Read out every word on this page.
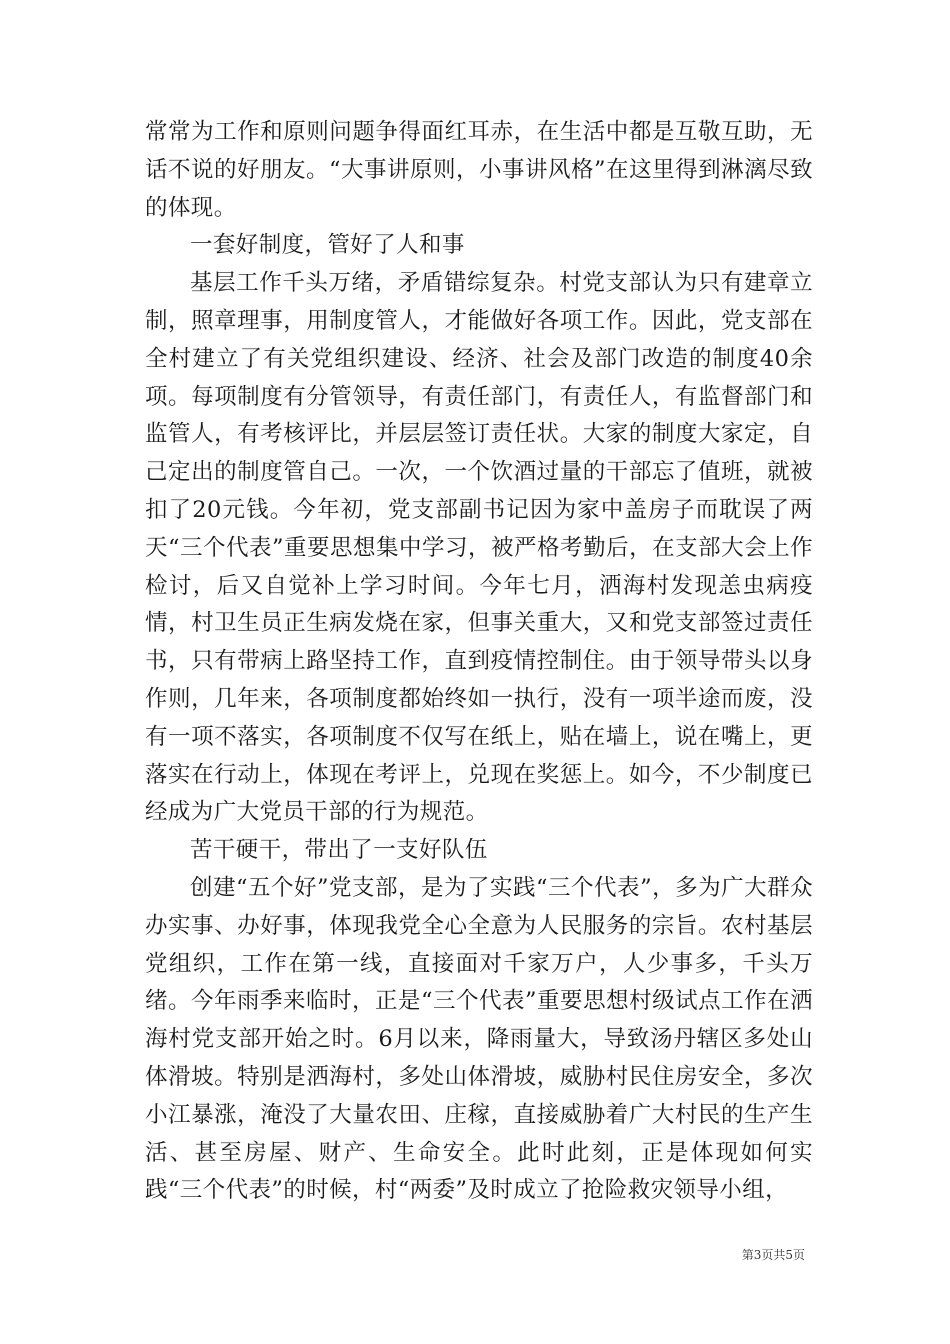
常常为工作和原则问题争得面红耳赤，在生活中都是互敬互助，无话不说的好朋友。“大事讲原则，小事讲风格”在这里得到淋漓尽致的体现。

一套好制度，管好了人和事

基层工作千头万绪，矛盾错综复杂。村党支部认为只有建章立制，照章理事，用制度管人，才能做好各项工作。因此，党支部在全村建立了有关党组织建设、经济、社会及部门改造的制度40余项。每项制度有分管领导，有责任部门，有责任人，有监督部门和监管人，有考核评比，并层层签订责任状。大家的制度大家定，自己定出的制度管自己。一次，一个饮酒过量的干部忘了值班，就被扣了20元钱。今年初，党支部副书记因为家中盖房子而耽误了两天“三个代表”重要思想集中学习，被严格考勤后，在支部大会上作检讨，后又自觉补上学习时间。今年七月，洒海村发现恙虫病疫情，村卫生员正生病发烧在家，但事关重大，又和党支部签过责任书，只有带病上路坚持工作，直到疫情控制住。由于领导带头以身作则，几年来，各项制度都始终如一执行，没有一项半途而废，没有一项不落实，各项制度不仅写在纸上，贴在墙上，说在嘴上，更落实在行动上，体现在考评上，兑现在奖惩上。如今，不少制度已经成为广大党员干部的行为规范。

苦干硬干，带出了一支好队伍

创建“五个好”党支部，是为了实践“三个代表”，多为广大群众办实事、办好事，体现我党全心全意为人民服务的宗旨。农村基层党组织，工作在第一线，直接面对千家万户，人少事多，千头万绪。今年雨季来临时，正是“三个代表”重要思想村级试点工作在洒海村党支部开始之时。6月以来，降雨量大，导致汤丹辖区多处山体滑坡。特别是洒海村，多处山体滑坡，威胁村民住房安全，多次小江暴涨，淹没了大量农田、庄稼，直接威胁着广大村民的生产生活、甚至房屋、财产、生命安全。此时此刻，正是体现如何实践“三个代表”的时候，村“两委”及时成立了抢险救灾领导小组，

第3页共5页
